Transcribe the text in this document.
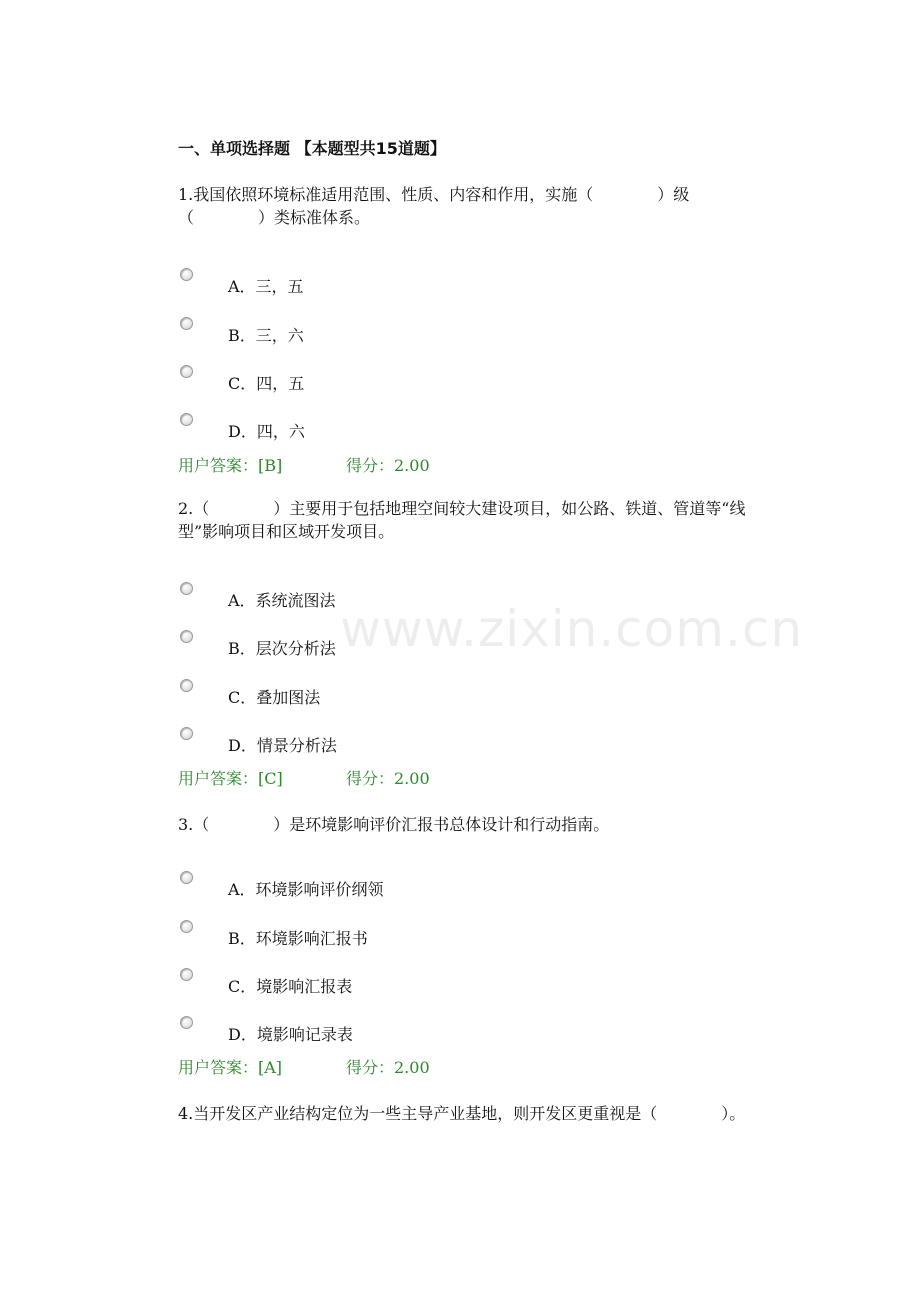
一、单项选择题 【本题型共15道题】

1.我国依照环境标准适用范围、性质、内容和作用，实施（　　　　）级（　　　　）类标准体系。

A．三，五
B．三，六
C．四，五
D．四，六
用户答案：[B]	得分：2.00

2.（　　　　）主要用于包括地理空间较大建设项目，如公路、铁道、管道等“线型”影响项目和区域开发项目。

A．系统流图法
B．层次分析法
C．叠加图法
D．情景分析法
用户答案：[C]	得分：2.00

3.（　　　　）是环境影响评价汇报书总体设计和行动指南。

A．环境影响评价纲领
B．环境影响汇报书
C．境影响汇报表
D．境影响记录表
用户答案：[A]	得分：2.00

4.当开发区产业结构定位为一些主导产业基地，则开发区更重视是（　　　　）。

www.zixin.com.cn
